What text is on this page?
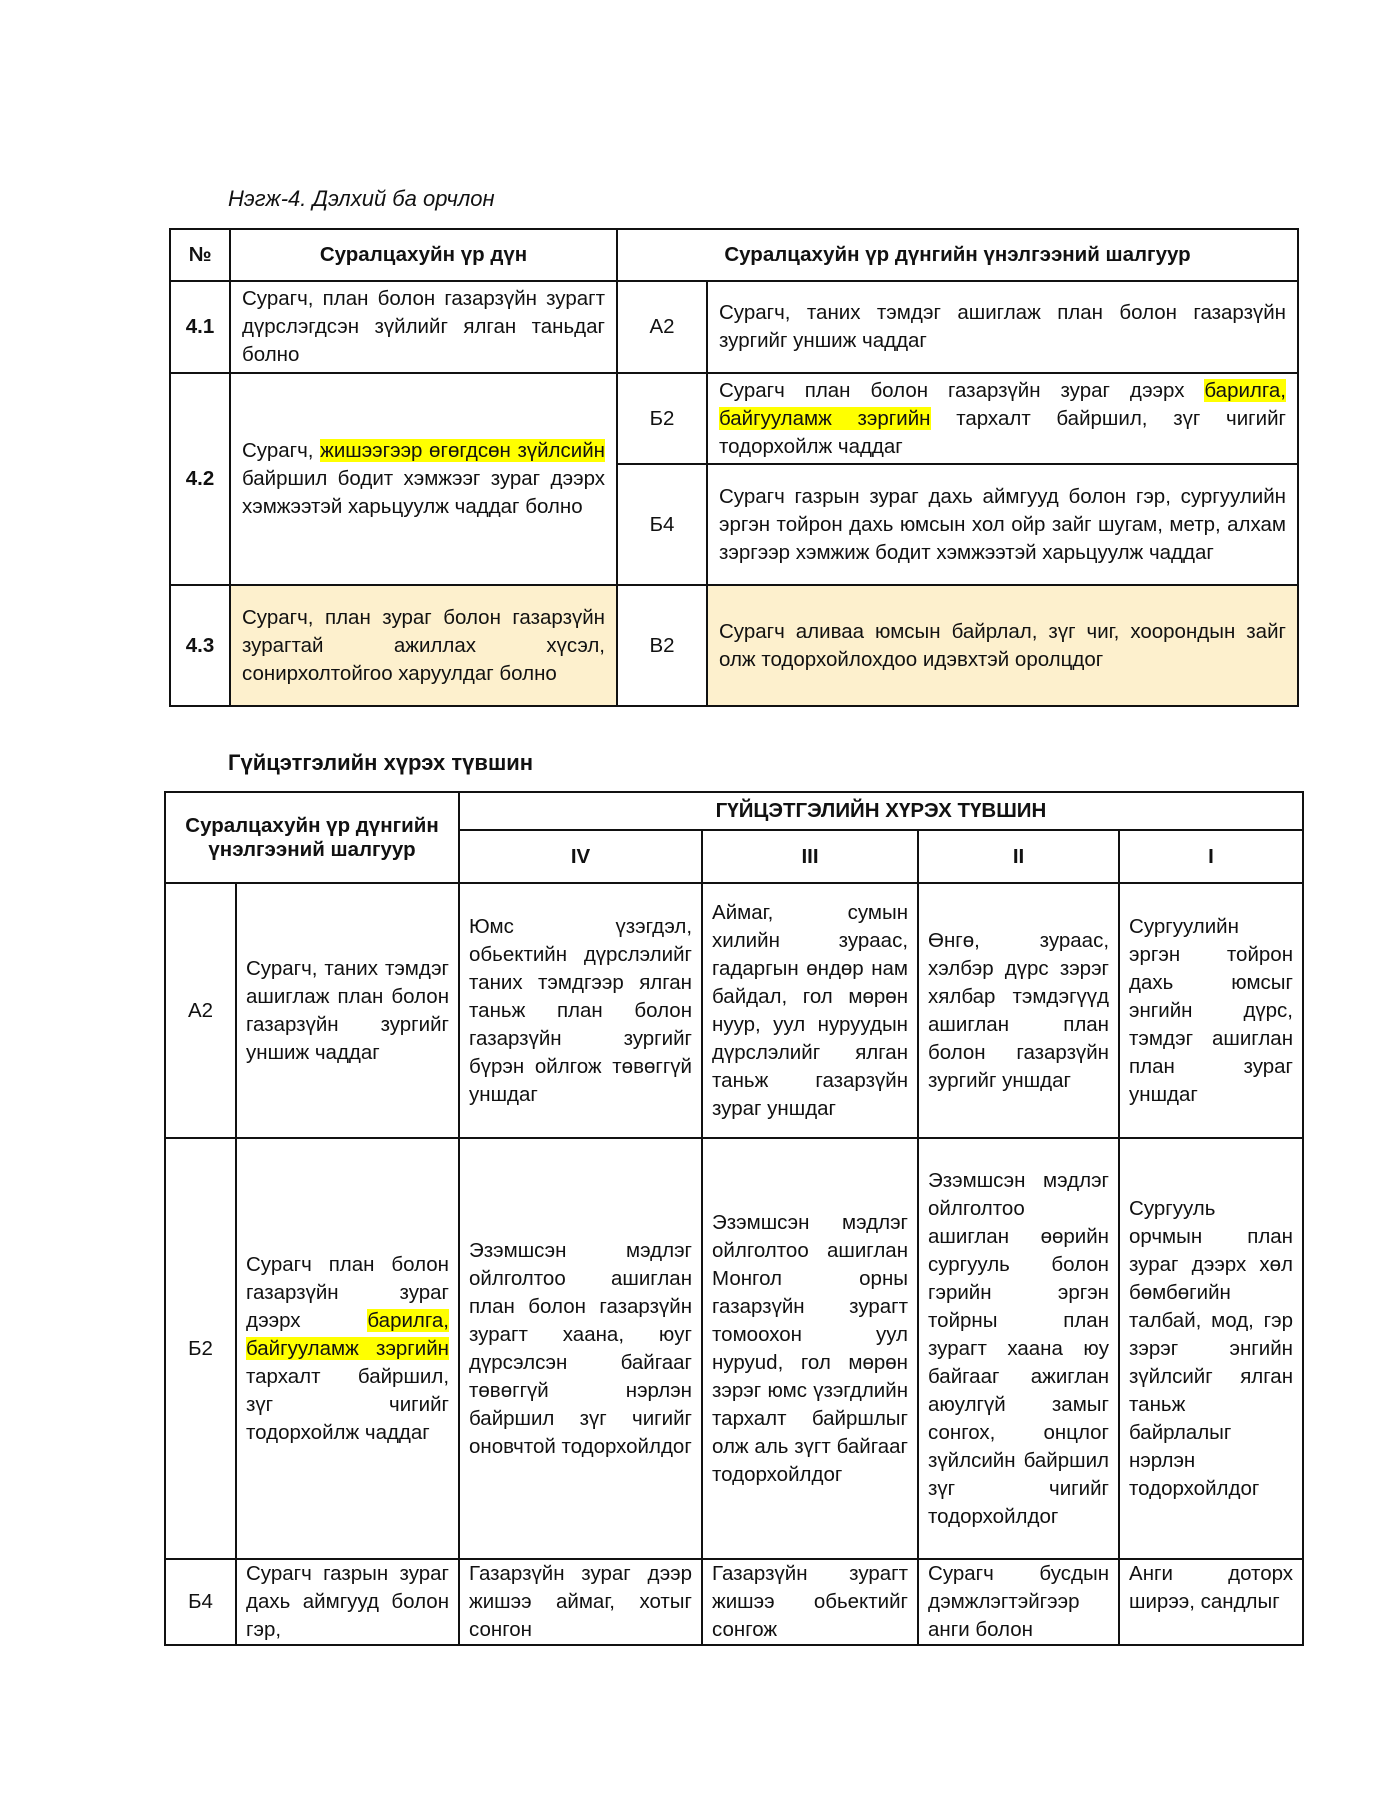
Нэгж-4. Дэлхий ба орчлон
№	Суралцахуйн үр дүн	Суралцахуйн үр дүнгийн үнэлгээний шалгуур	
4.1	Сурагч, план болон газарзүйн зурагт дүрслэгдсэн зүйлийг ялган таньдаг болно	А2	Сурагч, таних тэмдэг ашиглаж план болон газарзүйн зургийг уншиж чаддаг
4.2	Сурагч, жишээгээр өгөгдсөн зүйлсийн байршил бодит хэмжээг зураг дээрх хэмжээтэй харьцуулж чаддаг болно	Б2	Сурагч план болон газарзүйн зураг дээрх барилга, байгууламж зэргийн тархалт байршил, зүг чигийг тодорхойлж чаддаг
		Б4	Сурагч газрын зураг дахь аймгууд болон гэр, сургуулийн эргэн тойрон дахь юмсын хол ойр зайг шугам, метр, алхам зэргээр хэмжиж бодит хэмжээтэй харьцуулж чаддаг
4.3	Сурагч, план зураг болон газарзүйн зурагтай ажиллах хүсэл, сонирхолтойгоо харуулдаг болно	В2	Сурагч аливаа юмсын байрлал, зүг чиг, хоорондын зайг олж тодорхойлохдоо идэвхтэй оролцдог
Гүйцэтгэлийн хүрэх түвшин
Суралцахуйн үр дүнгийн үнэлгээний шалгуур		ГҮЙЦЭТГЭЛИЙН ХҮРЭХ ТҮВШИН			
		IV	III	II	I
А2	Сурагч, таних тэмдэг ашиглаж план болон газарзүйн зургийг уншиж чаддаг	Юмс үзэгдэл, обьектийн дүрслэлийг таних тэмдгээр ялган таньж план болон газарзүйн зургийг бүрэн ойлгож төвөггүй уншдаг	Аймаг, сумын хилийн зураас, гадаргын өндөр нам байдал, гол мөрөн нуур, уул нуруудын дүрслэлийг ялган таньж газарзүйн зураг уншдаг	Өнгө, зураас, хэлбэр дүрс зэрэг хялбар тэмдэгүүд ашиглан план болон газарзүйн зургийг уншдаг	Сургуулийн эргэн тойрон дахь юмсыг энгийн дүрс, тэмдэг ашиглан план зураг уншдаг
Б2	Сурагч план болон газарзүйн зураг дээрх барилга, байгууламж зэргийн тархалт байршил, зүг чигийг тодорхойлж чаддаг	Эзэмшсэн мэдлэг ойлголтоо ашиглан план болон газарзүйн зурагт хаана, юуг дүрсэлсэн байгааг төвөггүй нэрлэн байршил зүг чигийг оновчтой тодорхойлдог	Эзэмшсэн мэдлэг ойлголтоо ашиглан Монгол орны газарзүйн зурагт томоохон уул нуруud, гол мөрөн зэрэг юмс үзэгдлийн тархалт байршлыг олж аль зүгт байгааг тодорхойлдог	Эзэмшсэн мэдлэг ойлголтоо ашиглан өөрийн сургууль болон гэрийн эргэн тойрны план зурагт хаана юу байгааг ажиглан аюулгүй замыг сонгох, онцлог зүйлсийн байршил зүг чигийг тодорхойлдог	Сургууль орчмын план зураг дээрх хөл бөмбөгийн талбай, мод, гэр зэрэг энгийн зүйлсийг ялган таньж байрлалыг нэрлэн тодорхойлдог
Б4	Сурагч газрын зураг дахь аймгууд болон гэр,	Газарзүйн зураг дээр жишээ аймаг, хотыг сонгон	Газарзүйн зурагт жишээ обьектийг сонгож	Сурагч бусдын дэмжлэгтэйгээр анги болон	Анги доторх ширээ, сандлыг
